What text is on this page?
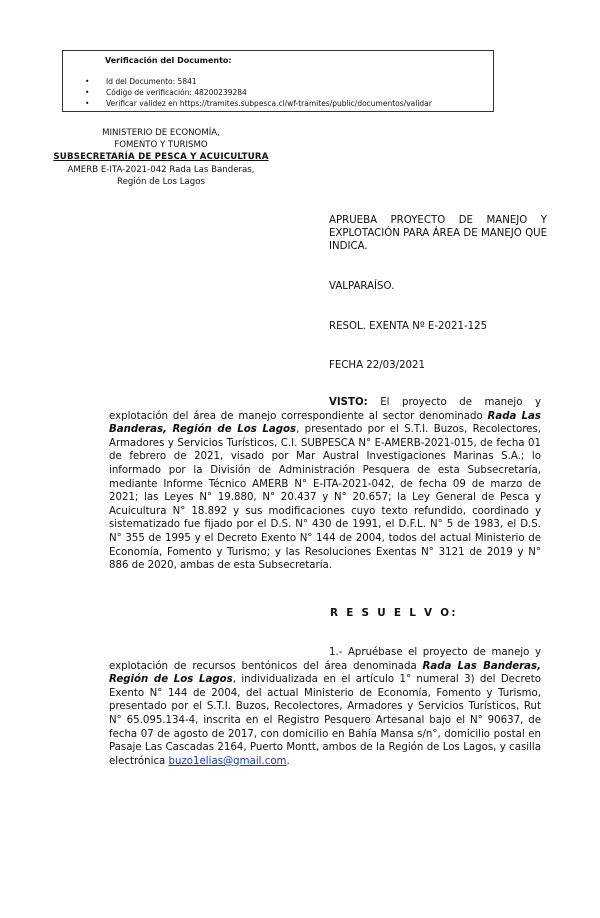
Verificación del Documento:
• Id del Documento: 5841
• Código de verificación: 48200239284
• Verificar validez en https://tramites.subpesca.cl/wf-tramites/public/documentos/validar
MINISTERIO DE ECONOMÍA,
FOMENTO Y TURISMO
SUBSECRETARÍA DE PESCA Y ACUICULTURA
AMERB E-ITA-2021-042 Rada Las Banderas,
Región de Los Lagos
APRUEBA PROYECTO DE MANEJO Y EXPLOTACIÓN PARA ÁREA DE MANEJO QUE INDICA.
VALPARAÍSO.
RESOL. EXENTA Nº E-2021-125
FECHA 22/03/2021
VISTO: El proyecto de manejo y explotación del área de manejo correspondiente al sector denominado Rada Las Banderas, Región de Los Lagos, presentado por el S.T.I. Buzos, Recolectores, Armadores y Servicios Turísticos, C.I. SUBPESCA N° E-AMERB-2021-015, de fecha 01 de febrero de 2021, visado por Mar Austral Investigaciones Marinas S.A.; lo informado por la División de Administración Pesquera de esta Subsecretaría, mediante Informe Técnico AMERB N° E-ITA-2021-042, de fecha 09 de marzo de 2021; las Leyes N° 19.880, N° 20.437 y N° 20.657; la Ley General de Pesca y Acuicultura N° 18.892 y sus modificaciones cuyo texto refundido, coordinado y sistematizado fue fijado por el D.S. N° 430 de 1991, el D.F.L. N° 5 de 1983, el D.S. N° 355 de 1995 y el Decreto Exento N° 144 de 2004, todos del actual Ministerio de Economía, Fomento y Turismo; y las Resoluciones Exentas N° 3121 de 2019 y N° 886 de 2020, ambas de esta Subsecretaría.
R E S U E L V O:
1.- Apruébase el proyecto de manejo y explotación de recursos bentónicos del área denominada Rada Las Banderas, Región de Los Lagos, individualizada en el artículo 1° numeral 3) del Decreto Exento N° 144 de 2004, del actual Ministerio de Economía, Fomento y Turismo, presentado por el S.T.I. Buzos, Recolectores, Armadores y Servicios Turísticos, Rut N° 65.095.134-4, inscrita en el Registro Pesquero Artesanal bajo el N° 90637, de fecha 07 de agosto de 2017, con domicilio en Bahía Mansa s/n°, domicilio postal en Pasaje Las Cascadas 2164, Puerto Montt, ambos de la Región de Los Lagos, y casilla electrónica buzo1elias@gmail.com.
